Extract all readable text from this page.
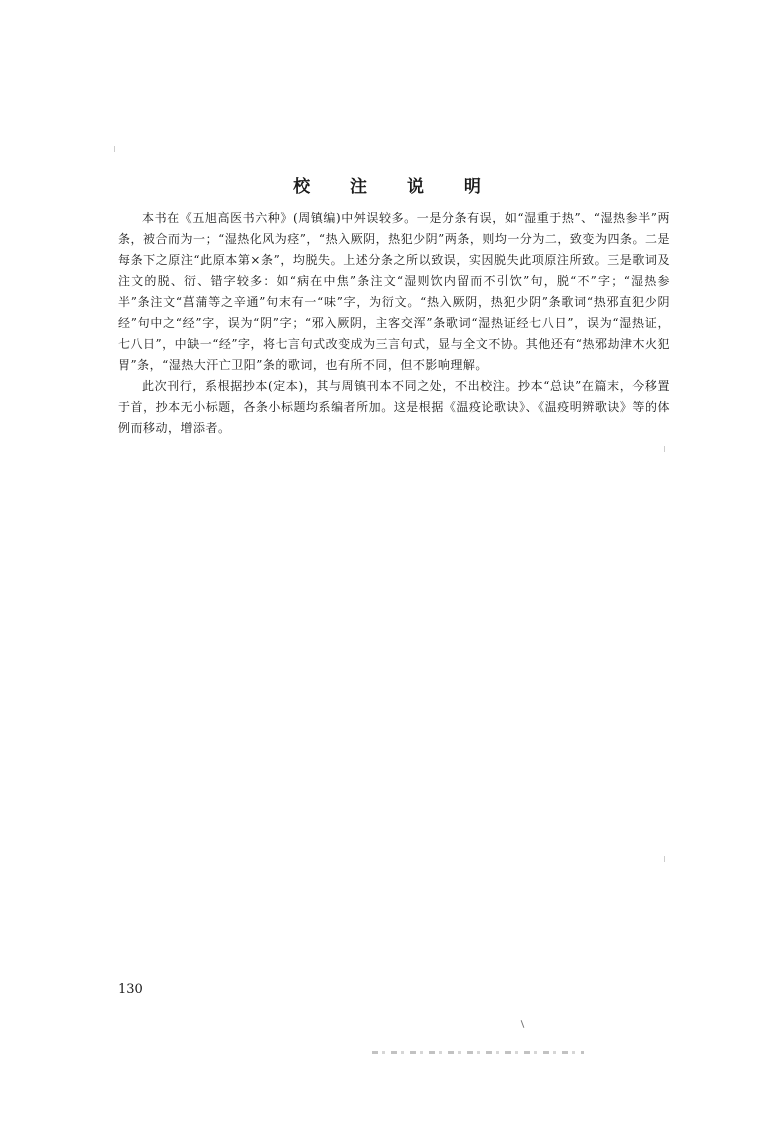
校 注 说 明

本书在《五旭高医书六种》(周镇编)中舛误较多。一是分条有误，如“湿重于热”、“湿热参半”两条，被合而为一；“湿热化风为痉”，“热入厥阴，热犯少阴”两条，则均一分为二，致变为四条。二是每条下之原注“此原本第×条”，均脱失。上述分条之所以致误，实因脱失此项原注所致。三是歌词及注文的脱、衍、错字较多：如“病在中焦”条注文“湿则饮内留而不引饮”句，脱“不”字；“湿热参半”条注文“菖蒲等之辛通”句末有一“味”字，为衍文。“热入厥阴，热犯少阴”条歌词“热邪直犯少阴经”句中之“经”字，误为“阴”字；“邪入厥阴，主客交浑”条歌词“湿热证经七八日”，误为“湿热证，七八日”，中缺一“经”字，将七言句式改变成为三言句式，显与全文不协。其他还有“热邪劫津木火犯胃”条，“湿热大汗亡卫阳”条的歌词，也有所不同，但不影响理解。

此次刊行，系根据抄本(定本)，其与周镇刊本不同之处，不出校注。抄本“总诀”在篇末，今移置于首，抄本无小标题，各条小标题均系编者所加。这是根据《温疫论歌诀》、《温疫明辨歌诀》等的体例而移动，增添者。

130
